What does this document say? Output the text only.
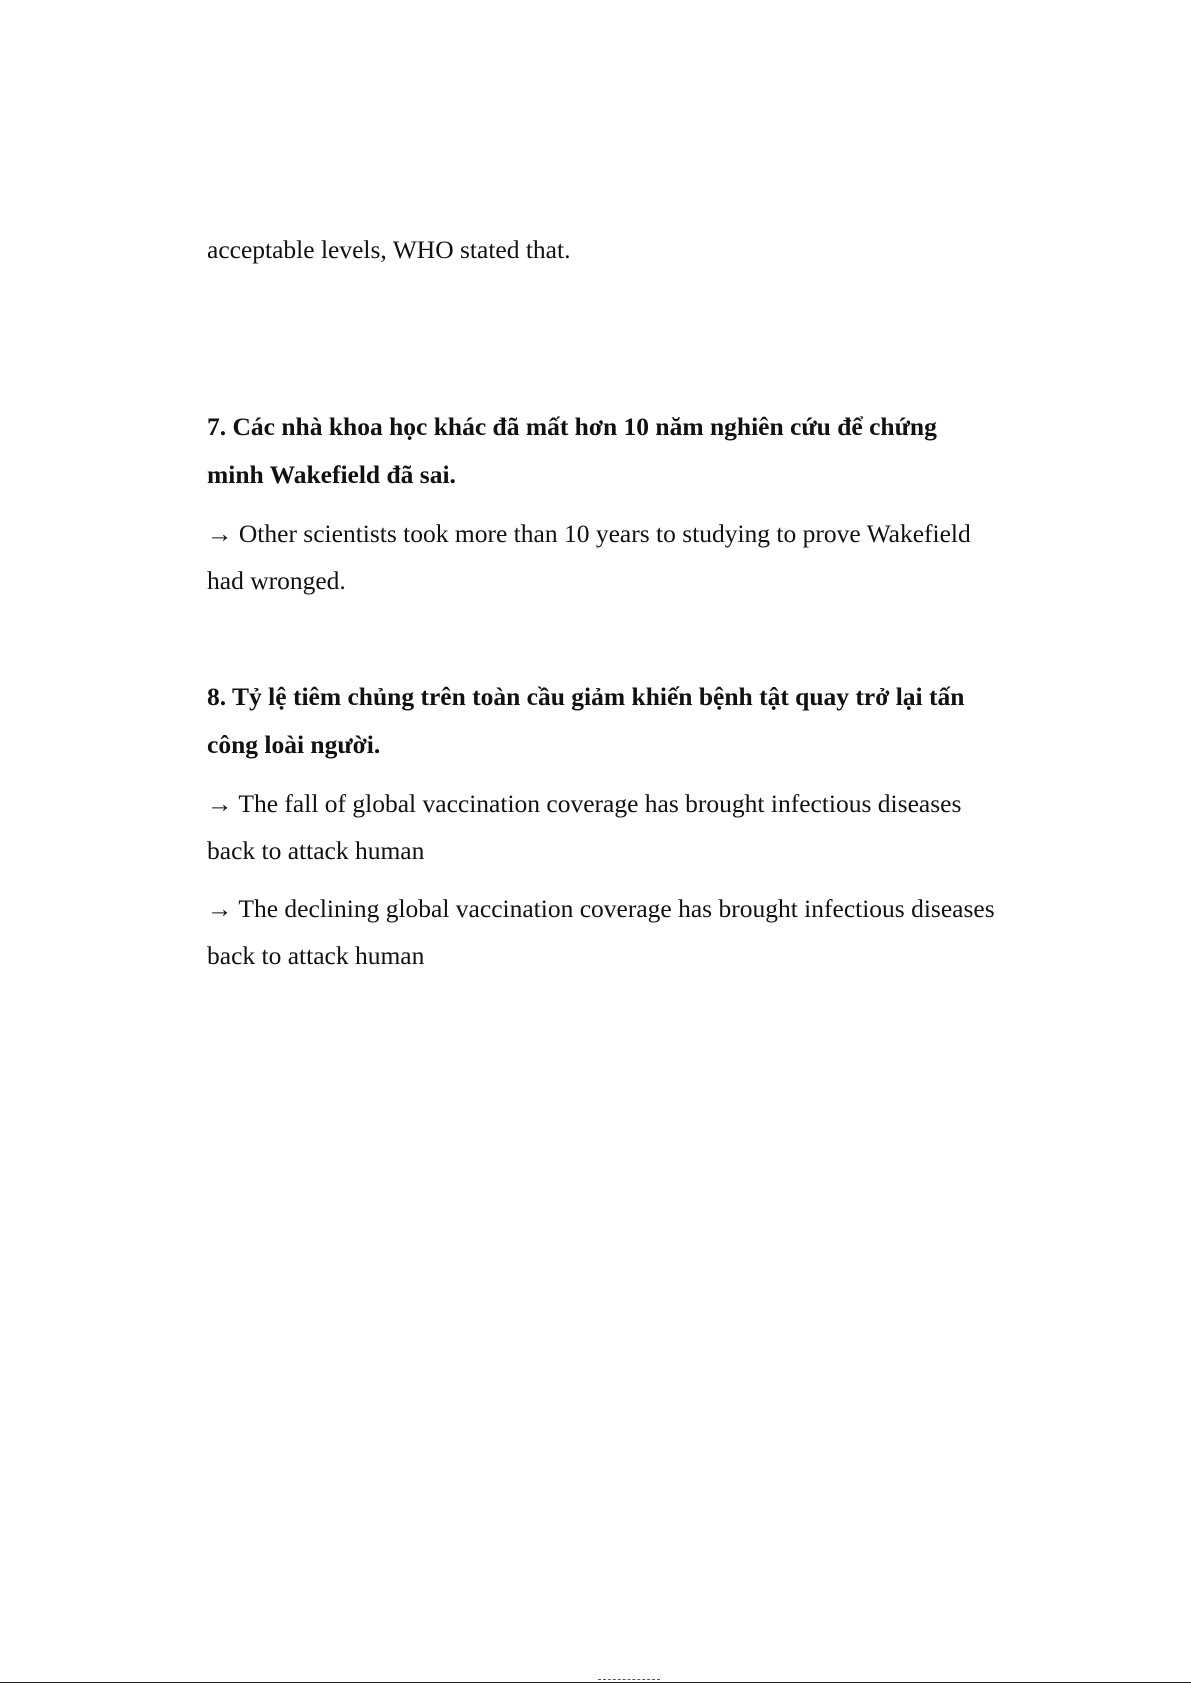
acceptable levels, WHO stated that.
7. Các nhà khoa học khác đã mất hơn 10 năm nghiên cứu để chứng
minh Wakefield đã sai.
→ Other scientists took more than 10 years to studying to prove Wakefield
had wronged.
8. Tỷ lệ tiêm chủng trên toàn cầu giảm khiến bệnh tật quay trở lại tấn
công loài người.
→ The fall of global vaccination coverage has brought infectious diseases
back to attack human
→ The declining global vaccination coverage has brought infectious diseases
back to attack human
